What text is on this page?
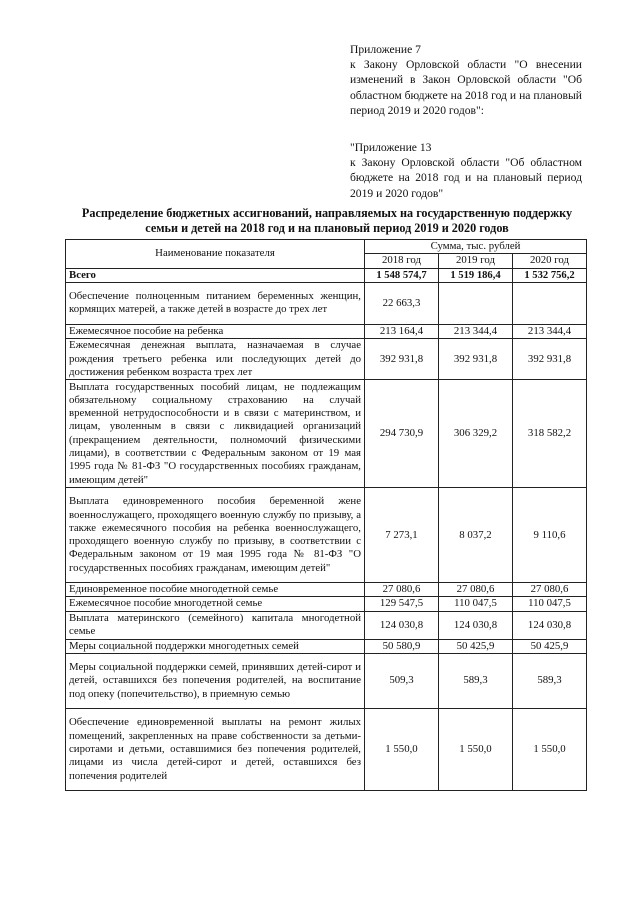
Приложение 7

к Закону Орловской области "О внесении изменений в Закон Орловской области "Об областном бюджете на 2018 год и на плановый период 2019 и 2020 годов":

"Приложение 13

к Закону Орловской области "Об областном бюджете на 2018 год и на плановый период 2019 и 2020 годов"

Распределение бюджетных ассигнований, направляемых на государственную поддержку семьи и детей на 2018 год и на плановый период 2019 и 2020 годов
Наименование показателя	Сумма, тыс. рублей		
	2018 год	2019 год	2020 год
Всего	1 548 574,7	1 519 186,4	1 532 756,2
Обеспечение полноценным питанием беременных женщин, кормящих матерей, а также детей в возрасте до трех лет	22 663,3		
Ежемесячное пособие на ребенка	213 164,4	213 344,4	213 344,4
Ежемесячная денежная выплата, назначаемая в случае рождения третьего ребенка или последующих детей до достижения ребенком возраста трех лет	392 931,8	392 931,8	392 931,8
Выплата государственных пособий лицам, не подлежащим обязательному социальному страхованию на случай временной нетрудоспособности и в связи с материнством, и лицам, уволенным в связи с ликвидацией организаций (прекращением деятельности, полномочий физическими лицами), в соответствии с Федеральным законом от 19 мая 1995 года № 81-ФЗ "О государственных пособиях гражданам, имеющим детей"	294 730,9	306 329,2	318 582,2
Выплата единовременного пособия беременной жене военнослужащего, проходящего военную службу по призыву, а также ежемесячного пособия на ребенка военнослужащего, проходящего военную службу по призыву, в соответствии с Федеральным законом от 19 мая 1995 года № 81-ФЗ "О государственных пособиях гражданам, имеющим детей"	7 273,1	8 037,2	9 110,6
Единовременное пособие многодетной семье	27 080,6	27 080,6	27 080,6
Ежемесячное пособие многодетной семье	129 547,5	110 047,5	110 047,5
Выплата материнского (семейного) капитала многодетной семье	124 030,8	124 030,8	124 030,8
Меры социальной поддержки многодетных семей	50 580,9	50 425,9	50 425,9
Меры социальной поддержки семей, принявших детей-сирот и детей, оставшихся без попечения родителей, на воспитание под опеку (попечительство), в приемную семью	509,3	589,3	589,3
Обеспечение единовременной выплаты на ремонт жилых помещений, закрепленных на праве собственности за детьми-сиротами и детьми, оставшимися без попечения родителей, лицами из числа детей-сирот и детей, оставшихся без попечения родителей	1 550,0	1 550,0	1 550,0
